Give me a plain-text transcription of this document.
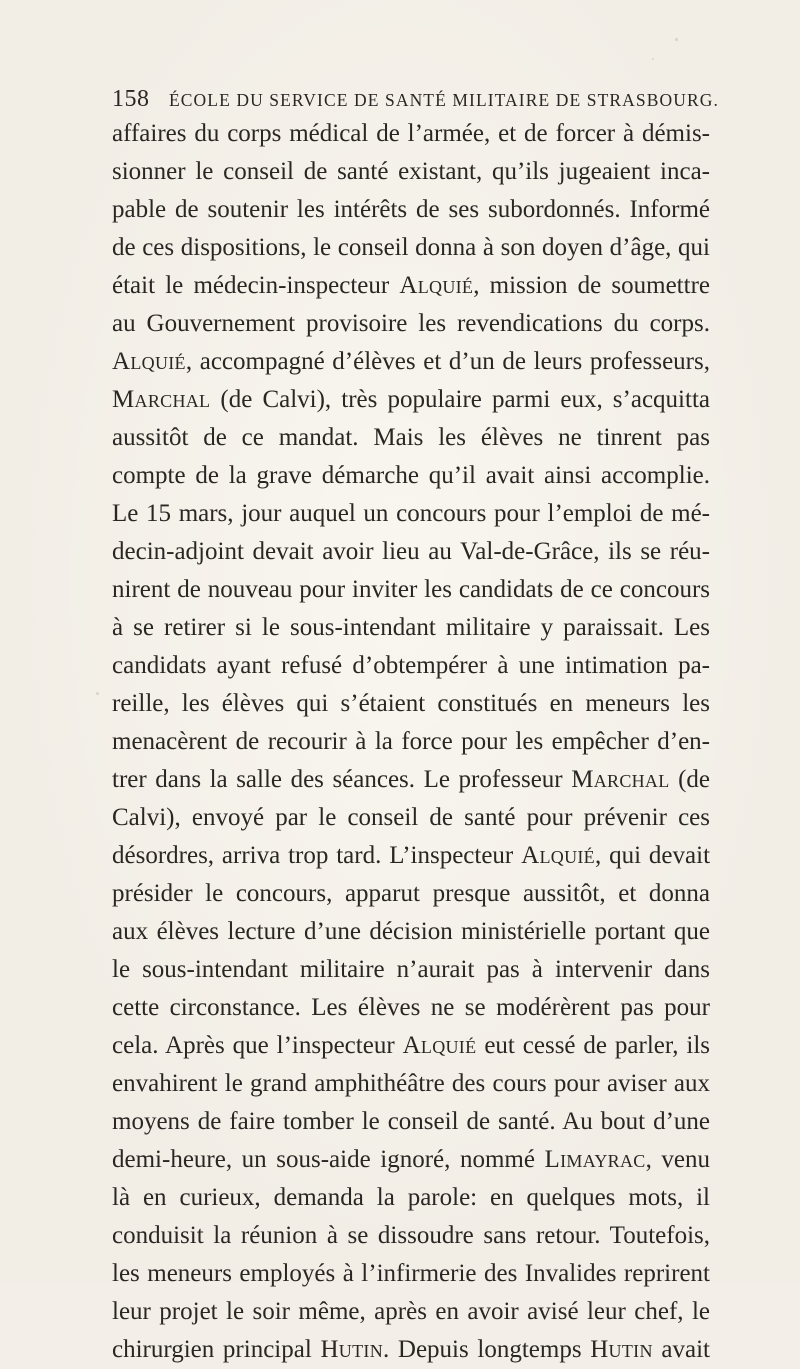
158 ÉCOLE DU SERVICE DE SANTÉ MILITAIRE DE STRASBOURG.
affaires du corps médical de l’armée, et de forcer à démis-
sionner le conseil de santé existant, qu’ils jugeaient inca-
pable de soutenir les intérêts de ses subordonnés. Informé
de ces dispositions, le conseil donna à son doyen d’âge, qui
était le médecin-inspecteur Alquié, mission de soumettre
au Gouvernement provisoire les revendications du corps.
Alquié, accompagné d’élèves et d’un de leurs professeurs,
Marchal (de Calvi), très populaire parmi eux, s’acquitta
aussitôt de ce mandat. Mais les élèves ne tinrent pas
compte de la grave démarche qu’il avait ainsi accomplie.
Le 15 mars, jour auquel un concours pour l’emploi de mé-
decin-adjoint devait avoir lieu au Val-de-Grâce, ils se réu-
nirent de nouveau pour inviter les candidats de ce concours
à se retirer si le sous-intendant militaire y paraissait. Les
candidats ayant refusé d’obtempérer à une intimation pa-
reille, les élèves qui s’étaient constitués en meneurs les
menacèrent de recourir à la force pour les empêcher d’en-
trer dans la salle des séances. Le professeur Marchal (de
Calvi), envoyé par le conseil de santé pour prévenir ces
désordres, arriva trop tard. L’inspecteur Alquié, qui devait
présider le concours, apparut presque aussitôt, et donna
aux élèves lecture d’une décision ministérielle portant que
le sous-intendant militaire n’aurait pas à intervenir dans
cette circonstance. Les élèves ne se modérèrent pas pour
cela. Après que l’inspecteur Alquié eut cessé de parler, ils
envahirent le grand amphithéâtre des cours pour aviser aux
moyens de faire tomber le conseil de santé. Au bout d’une
demi-heure, un sous-aide ignoré, nommé Limayrac, venu
là en curieux, demanda la parole: en quelques mots, il
conduisit la réunion à se dissoudre sans retour. Toutefois,
les meneurs employés à l’infirmerie des Invalides reprirent
leur projet le soir même, après en avoir avisé leur chef, le
chirurgien principal Hutin. Depuis longtemps Hutin avait
